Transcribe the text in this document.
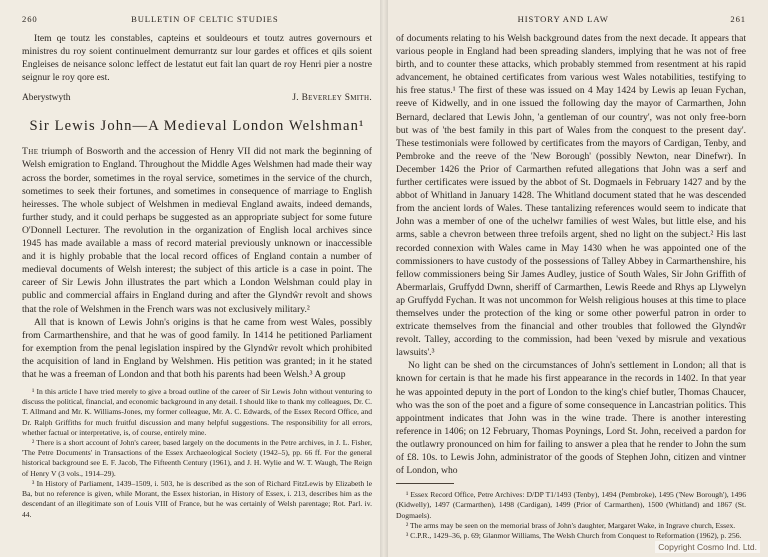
260	BULLETIN OF CELTIC STUDIES

Item qe toutz les constables, capteins et souldeours et toutz autres governours et ministres du roy soient continuelment demurrantz sur lour gardes et offices et qils soient Engleises de neisance solonc leffect de lestatut eut fait lan quart de roy Henri pier a nostre seignur le roy qore est.

Aberystwyth	J. Beverley Smith.
Sir Lewis John—A Medieval London Welshman¹

The triumph of Bosworth and the accession of Henry VII did not mark the beginning of Welsh emigration to England. Throughout the Middle Ages Welshmen had made their way across the border, sometimes in the royal service, sometimes in the service of the church, sometimes to seek their fortunes, and sometimes in consequence of marriage to English heiresses. The whole subject of Welshmen in medieval England awaits, indeed demands, further study, and it could perhaps be suggested as an appropriate subject for some future O'Donnell Lecturer. The revolution in the organization of English local archives since 1945 has made available a mass of record material previously unknown or inaccessible and it is highly probable that the local record offices of England contain a number of medieval documents of Welsh interest; the subject of this article is a case in point. The career of Sir Lewis John illustrates the part which a London Welshman could play in public and commercial affairs in England during and after the Glyndŵr revolt and shows that the role of Welshmen in the French wars was not exclusively military.²

All that is known of Lewis John's origins is that he came from west Wales, possibly from Carmarthenshire, and that he was of good family. In 1414 he petitioned Parliament for exemption from the penal legislation inspired by the Glyndŵr revolt which prohibited the acquisition of land in England by Welshmen. His petition was granted; in it he stated that he was a freeman of London and that both his parents had been Welsh.³ A group

¹ In this article I have tried merely to give a broad outline of the career of Sir Lewis John without venturing to discuss the political, financial, and economic background in any detail. I should like to thank my colleagues, Dr. C. T. Allmand and Mr. K. Williams-Jones, my former colleague, Mr. A. C. Edwards, of the Essex Record Office, and Dr. Ralph Griffiths for much fruitful discussion and many helpful suggestions. The responsibility for all errors, whether factual or interpretative, is, of course, entirely mine.

² There is a short account of John's career, based largely on the documents in the Petre archives, in J. L. Fisher, 'The Petre Documents' in Transactions of the Essex Archaeological Society (1942–5), pp. 66 ff. For the general historical background see E. F. Jacob, The Fifteenth Century (1961), and J. H. Wylie and W. T. Waugh, The Reign of Henry V (3 vols., 1914–29).

³ In History of Parliament, 1439–1509, i. 503, he is described as the son of Richard FitzLewis by Elizabeth le Ba, but no reference is given, while Morant, the Essex historian, in History of Essex, i. 213, describes him as the descendant of an illegitimate son of Louis VIII of France, but he was certainly of Welsh parentage; Rot. Parl. iv. 44.

HISTORY AND LAW	261

of documents relating to his Welsh background dates from the next decade. It appears that various people in England had been spreading slanders, implying that he was not of free birth, and to counter these attacks, which probably stemmed from resentment at his rapid advancement, he obtained certificates from various west Wales notabilities, testifying to his free status.¹ The first of these was issued on 4 May 1424 by Lewis ap Ieuan Fychan, reeve of Kidwelly, and in one issued the following day the mayor of Carmarthen, John Bernard, declared that Lewis John, 'a gentleman of our country', was not only free-born but was of 'the best family in this part of Wales from the conquest to the present day'. These testimonials were followed by certificates from the mayors of Cardigan, Tenby, and Pembroke and the reeve of the 'New Borough' (possibly Newton, near Dinefwr). In December 1426 the Prior of Carmarthen refuted allegations that John was a serf and further certificates were issued by the abbot of St. Dogmaels in February 1427 and by the abbot of Whitland in January 1428. The Whitland document stated that he was descended from the ancient lords of Wales. These tantalizing references would seem to indicate that John was a member of one of the uchelwr families of west Wales, but little else, and his arms, sable a chevron between three trefoils argent, shed no light on the subject.² His last recorded connexion with Wales came in May 1430 when he was appointed one of the commissioners to have custody of the possessions of Talley Abbey in Carmarthenshire, his fellow commissioners being Sir James Audley, justice of South Wales, Sir John Griffith of Abermarlais, Gruffydd Dwnn, sheriff of Carmarthen, Lewis Reede and Rhys ap Llywelyn ap Gruffydd Fychan. It was not uncommon for Welsh religious houses at this time to place themselves under the protection of the king or some other powerful patron in order to extricate themselves from the financial and other troubles that followed the Glyndŵr revolt. Talley, according to the commission, had been 'vexed by misrule and vexatious lawsuits'.³

No light can be shed on the circumstances of John's settlement in London; all that is known for certain is that he made his first appearance in the records in 1402. In that year he was appointed deputy in the port of London to the king's chief butler, Thomas Chaucer, who was the son of the poet and a figure of some consequence in Lancastrian politics. This appointment indicates that John was in the wine trade. There is another interesting reference in 1406; on 12 February, Thomas Poynings, Lord St. John, received a pardon for the outlawry pronounced on him for failing to answer a plea that he render to John the sum of £8. 10s. to Lewis John, administrator of the goods of Stephen John, citizen and vintner of London, who

¹ Essex Record Office, Petre Archives: D/DP T1/1493 (Tenby), 1494 (Pembroke), 1495 ('New Borough'), 1496 (Kidwelly), 1497 (Carmarthen), 1498 (Cardigan), 1499 (Prior of Carmarthen), 1500 (Whitland) and 1867 (St. Dogmaels).

² The arms may be seen on the memorial brass of John's daughter, Margaret Wake, in Ingrave church, Essex.

³ C.P.R., 1429–36, p. 69; Glanmor Williams, The Welsh Church from Conquest to Reformation (1962), p. 256.

Copyright Cosmo Ind. Ltd.
